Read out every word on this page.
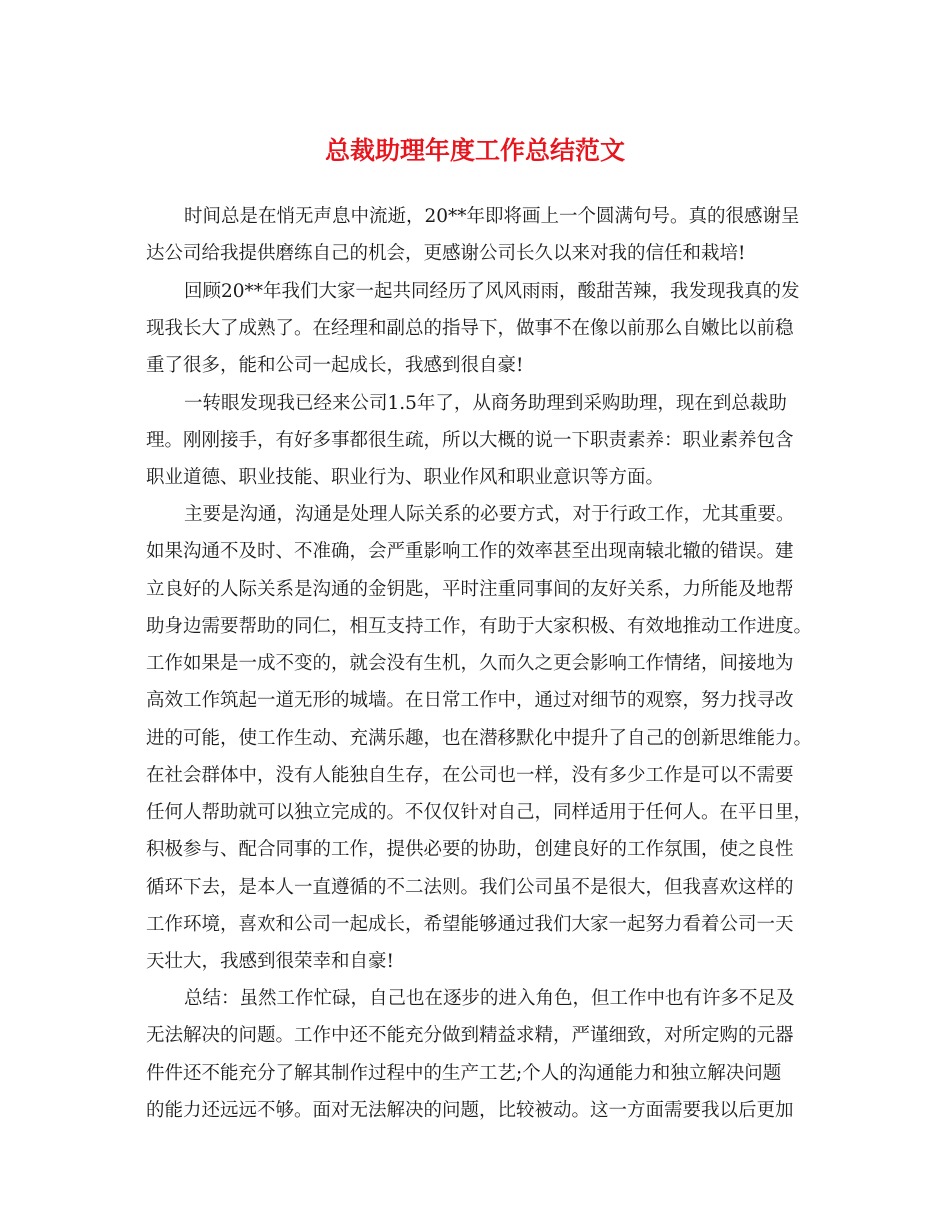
总裁助理年度工作总结范文

时间总是在悄无声息中流逝，20**年即将画上一个圆满句号。真的很感谢呈

达公司给我提供磨练自己的机会，更感谢公司长久以来对我的信任和栽培!

回顾20**年我们大家一起共同经历了风风雨雨，酸甜苦辣，我发现我真的发

现我长大了成熟了。在经理和副总的指导下，做事不在像以前那么自嫩比以前稳

重了很多，能和公司一起成长，我感到很自豪!

一转眼发现我已经来公司1.5年了，从商务助理到采购助理，现在到总裁助

理。刚刚接手，有好多事都很生疏，所以大概的说一下职责素养：职业素养包含

职业道德、职业技能、职业行为、职业作风和职业意识等方面。

主要是沟通，沟通是处理人际关系的必要方式，对于行政工作，尤其重要。

如果沟通不及时、不准确，会严重影响工作的效率甚至出现南辕北辙的错误。建

立良好的人际关系是沟通的金钥匙，平时注重同事间的友好关系，力所能及地帮

助身边需要帮助的同仁，相互支持工作，有助于大家积极、有效地推动工作进度。

工作如果是一成不变的，就会没有生机，久而久之更会影响工作情绪，间接地为

高效工作筑起一道无形的城墙。在日常工作中，通过对细节的观察，努力找寻改

进的可能，使工作生动、充满乐趣，也在潜移默化中提升了自己的创新思维能力。

在社会群体中，没有人能独自生存，在公司也一样，没有多少工作是可以不需要

任何人帮助就可以独立完成的。不仅仅针对自己，同样适用于任何人。在平日里，

积极参与、配合同事的工作，提供必要的协助，创建良好的工作氛围，使之良性

循环下去，是本人一直遵循的不二法则。我们公司虽不是很大，但我喜欢这样的

工作环境，喜欢和公司一起成长，希望能够通过我们大家一起努力看着公司一天

天壮大，我感到很荣幸和自豪!

总结：虽然工作忙碌，自己也在逐步的进入角色，但工作中也有许多不足及

无法解决的问题。工作中还不能充分做到精益求精，严谨细致，对所定购的元器

件件还不能充分了解其制作过程中的生产工艺;个人的沟通能力和独立解决问题

的能力还远远不够。面对无法解决的问题，比较被动。这一方面需要我以后更加
